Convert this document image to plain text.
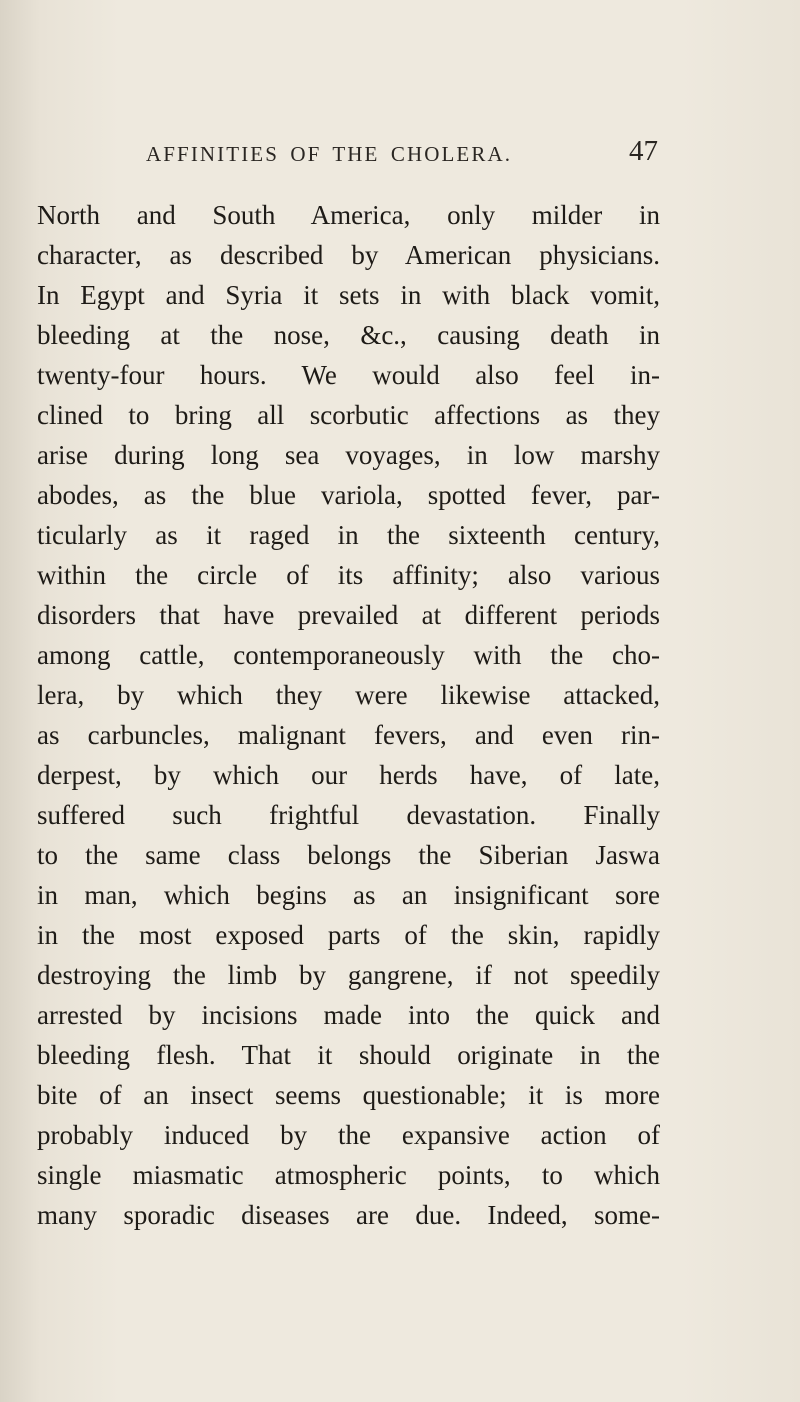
AFFINITIES OF THE CHOLERA.	47
North and South America, only milder in
character, as described by American physicians.
In Egypt and Syria it sets in with black vomit,
bleeding at the nose, &c., causing death in
twenty-four hours. We would also feel in-
clined to bring all scorbutic affections as they
arise during long sea voyages, in low marshy
abodes, as the blue variola, spotted fever, par-
ticularly as it raged in the sixteenth century,
within the circle of its affinity; also various
disorders that have prevailed at different periods
among cattle, contemporaneously with the cho-
lera, by which they were likewise attacked,
as carbuncles, malignant fevers, and even rin-
derpest, by which our herds have, of late,
suffered such frightful devastation. Finally
to the same class belongs the Siberian Jaswa
in man, which begins as an insignificant sore
in the most exposed parts of the skin, rapidly
destroying the limb by gangrene, if not speedily
arrested by incisions made into the quick and
bleeding flesh. That it should originate in the
bite of an insect seems questionable; it is more
probably induced by the expansive action of
single miasmatic atmospheric points, to which
many sporadic diseases are due. Indeed, some-
